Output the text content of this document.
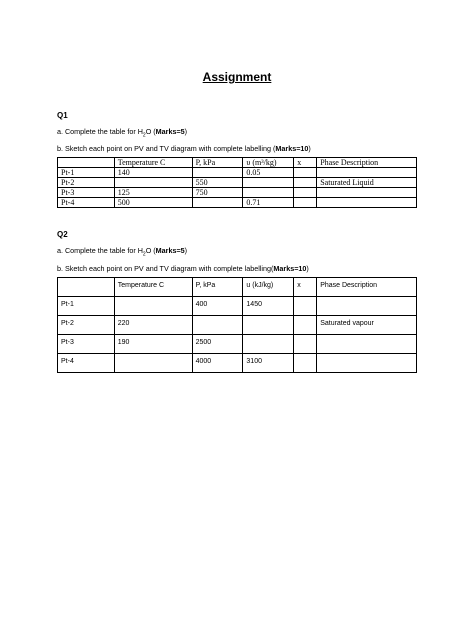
Assignment
Q1
a. Complete the table for $H_2O$ (Marks=5)
b. Sketch each point on PV and TV diagram with complete labelling (Marks=10)
	Temperature C	P, kPa	υ (m³/kg)	x	Phase Description
Pt-1	140		0.05		
Pt-2		550			Saturated Liquid
Pt-3	125	750			
Pt-4	500		0.71		
Q2
a. Complete the table for $H_2O$ (Marks=5)
b. Sketch each point on PV and TV diagram with complete labelling(Marks=10)
	Temperature C	P, kPa	u (kJ/kg)	x	Phase Description
Pt-1		400	1450		
Pt-2	220				Saturated vapour
Pt-3	190	2500			
Pt-4		4000	3100		
